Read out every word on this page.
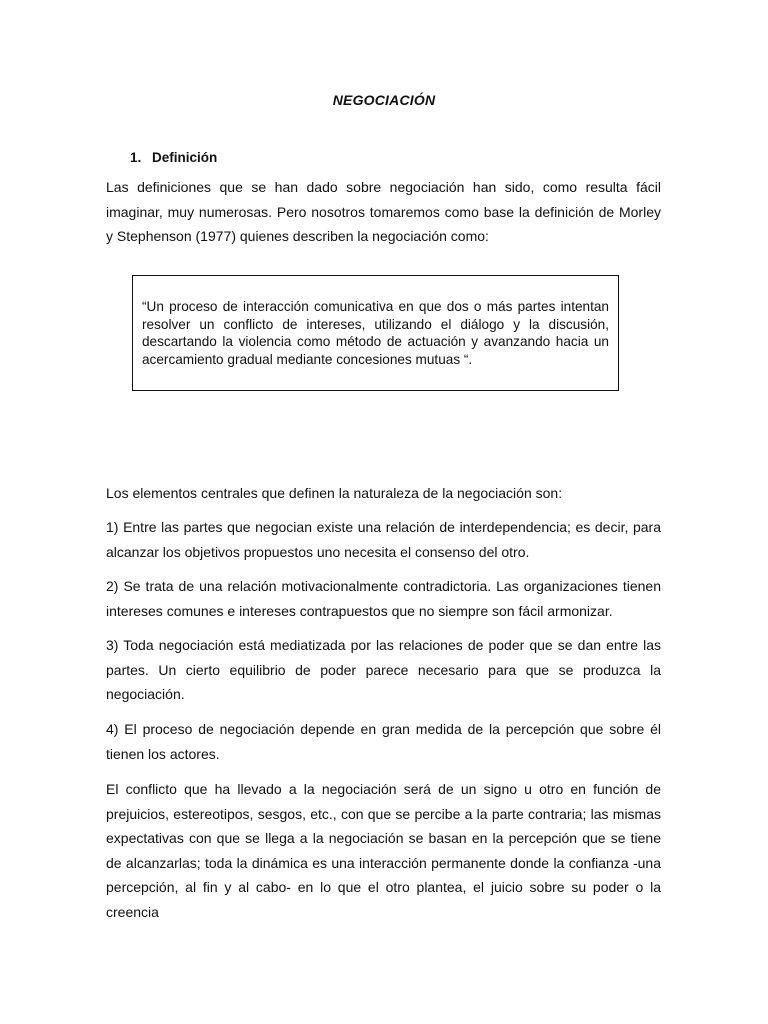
NEGOCIACIÓN
1. Definición

Las definiciones que se han dado sobre negociación han sido, como resulta fácil imaginar, muy numerosas. Pero nosotros tomaremos como base la definición de Morley y Stephenson (1977) quienes describen la negociación como:

“Un proceso de interacción comunicativa en que dos o más partes intentan resolver un conflicto de intereses, utilizando el diálogo y la discusión, descartando la violencia como método de actuación y avanzando hacia un acercamiento gradual mediante concesiones mutuas “.

Los elementos centrales que definen la naturaleza de la negociación son:

1) Entre las partes que negocian existe una relación de interdependencia; es decir, para alcanzar los objetivos propuestos uno necesita el consenso del otro.

2) Se trata de una relación motivacionalmente contradictoria. Las organizaciones tienen intereses comunes e intereses contrapuestos que no siempre son fácil armonizar.

3) Toda negociación está mediatizada por las relaciones de poder que se dan entre las partes. Un cierto equilibrio de poder parece necesario para que se produzca la negociación.

4) El proceso de negociación depende en gran medida de la percepción que sobre él tienen los actores.

El conflicto que ha llevado a la negociación será de un signo u otro en función de prejuicios, estereotipos, sesgos, etc., con que se percibe a la parte contraria; las mismas expectativas con que se llega a la negociación se basan en la percepción que se tiene de alcanzarlas; toda la dinámica es una interacción permanente donde la confianza -una percepción, al fin y al cabo- en lo que el otro plantea, el juicio sobre su poder o la creencia
